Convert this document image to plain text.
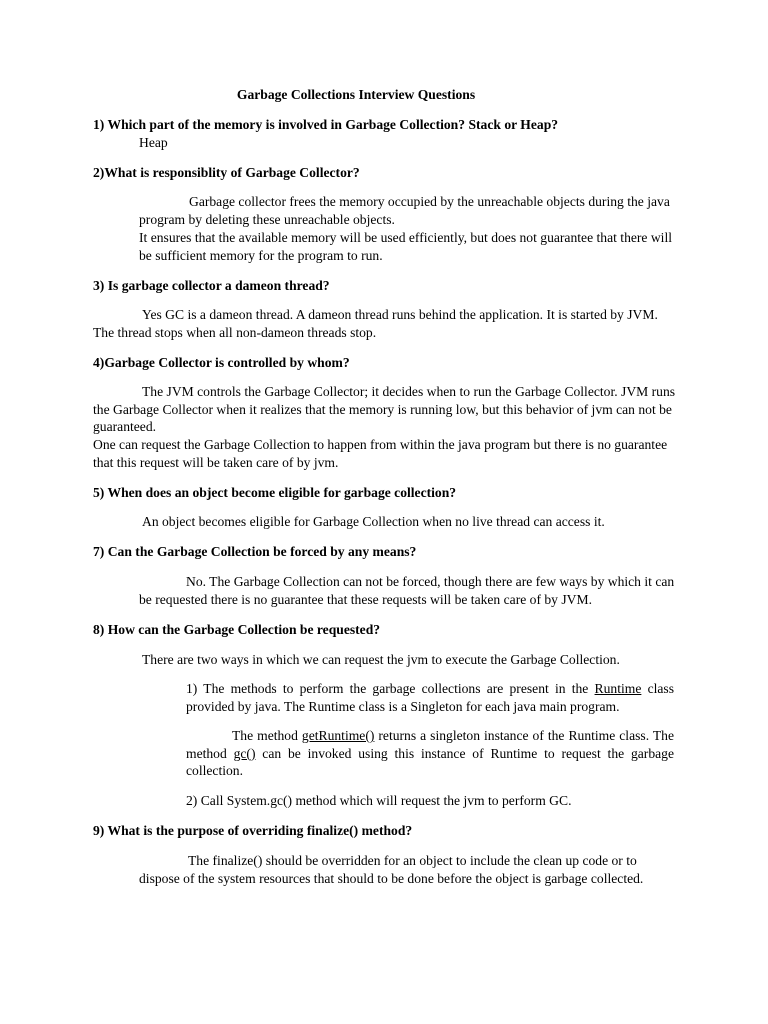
Garbage Collections Interview Questions
1) Which part of the memory is involved in Garbage Collection? Stack or Heap?
Heap
2)What is responsiblity of Garbage Collector?
Garbage collector frees the memory occupied by the unreachable objects during the java program by deleting these unreachable objects.
It ensures that the available memory will be used efficiently, but does not guarantee that there will be sufficient memory for the program to run.
3) Is garbage collector a dameon thread?
Yes GC is a dameon thread. A dameon thread runs behind the application. It is started by JVM. The thread stops when all non-dameon threads stop.
4)Garbage Collector is controlled by whom?
The JVM controls the Garbage Collector; it decides when to run the Garbage Collector. JVM runs the Garbage Collector when it realizes that the memory is running low, but this behavior of jvm can not be guaranteed.
One can request the Garbage Collection to happen from within the java program but there is no guarantee that this request will be taken care of by jvm.
5) When does an object become eligible for garbage collection?
An object becomes eligible for Garbage Collection when no live thread can access it.
7) Can the Garbage Collection be forced by any means?
No. The Garbage Collection can not be forced, though there are few ways by which it can be requested there is no guarantee that these requests will be taken care of by JVM.
8) How can the Garbage Collection be requested?
There are two ways in which we can request the jvm to execute the Garbage Collection.
1) The methods to perform the garbage collections are present in the Runtime class provided by java. The Runtime class is a Singleton for each java main program.
The method getRuntime() returns a singleton instance of the Runtime class. The method gc() can be invoked using this instance of Runtime to request the garbage collection.
2) Call System.gc() method which will request the jvm to perform GC.
9) What is the purpose of overriding finalize() method?
The finalize() should be overridden for an object to include the clean up code or to dispose of the system resources that should to be done before the object is garbage collected.
